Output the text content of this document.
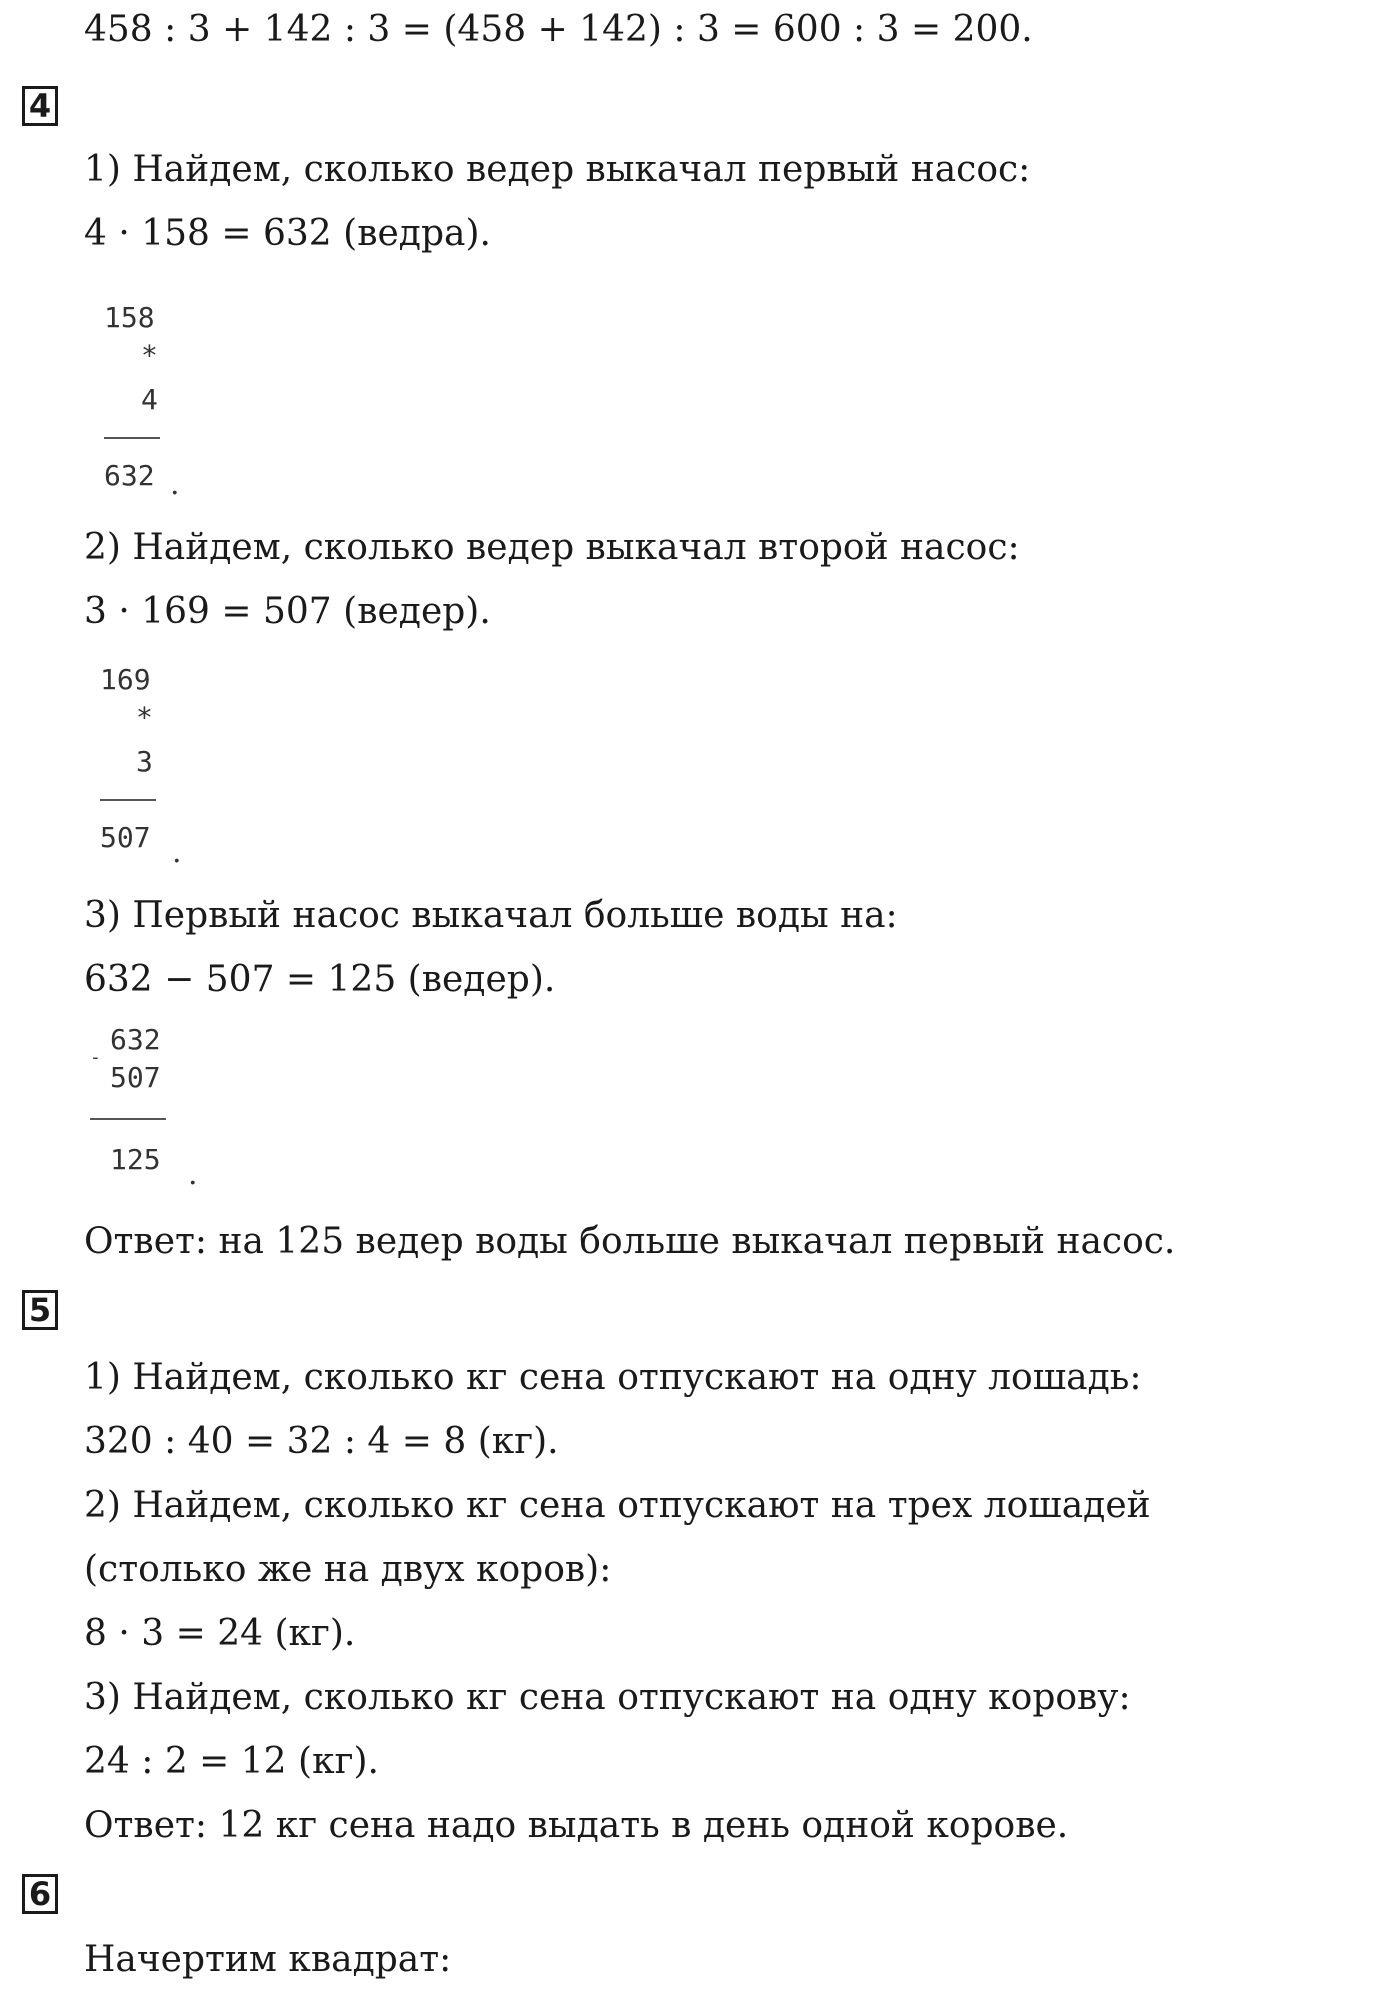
458 : 3 + 142 : 3 = (458 + 142) : 3 = 600 : 3 = 200.
4
1) Найдем, сколько ведер выкачал первый насос:
4 · 158 = 632 (ведра).
158
*
4
632 .
2) Найдем, сколько ведер выкачал второй насос:
3 · 169 = 507 (ведер).
169
*
3
507 .
3) Первый насос выкачал больше воды на:
632 − 507 = 125 (ведер).
-
632
507
125 .
Ответ: на 125 ведер воды больше выкачал первый насос.
5
1) Найдем, сколько кг сена отпускают на одну лошадь:
320 : 40 = 32 : 4 = 8 (кг).
2) Найдем, сколько кг сена отпускают на трех лошадей
(столько же на двух коров):
8 · 3 = 24 (кг).
3) Найдем, сколько кг сена отпускают на одну корову:
24 : 2 = 12 (кг).
Ответ: 12 кг сена надо выдать в день одной корове.
6
Начертим квадрат:
